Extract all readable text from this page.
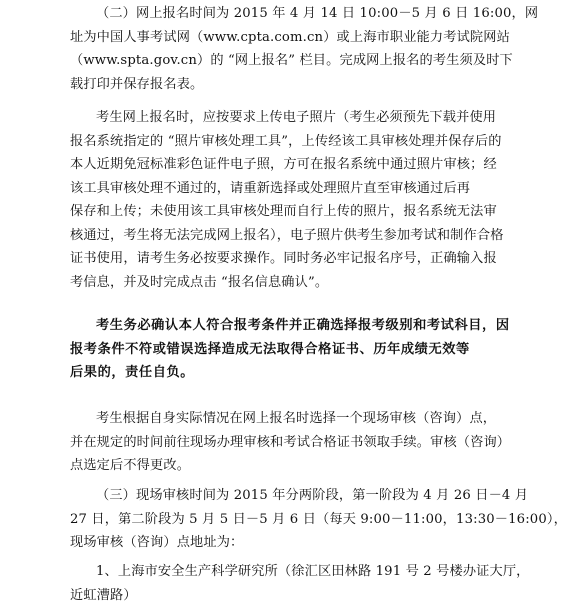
（二）网上报名时间为 2015 年 4 月 14 日 10:00－5 月 6 日 16:00，网
址为中国人事考试网（www.cpta.com.cn）或上海市职业能力考试院网站
（www.spta.gov.cn）的 “网上报名” 栏目。完成网上报名的考生须及时下
载打印并保存报名表。
考生网上报名时，应按要求上传电子照片（考生必须预先下载并使用
报名系统指定的 “照片审核处理工具”，上传经该工具审核处理并保存后的
本人近期免冠标准彩色证件电子照，方可在报名系统中通过照片审核；经
该工具审核处理不通过的，请重新选择或处理照片直至审核通过后再
保存和上传；未使用该工具审核处理而自行上传的照片，报名系统无法审
核通过，考生将无法完成网上报名），电子照片供考生参加考试和制作合格
证书使用，请考生务必按要求操作。同时务必牢记报名序号，正确输入报
考信息，并及时完成点击 “报名信息确认”。
考生务必确认本人符合报考条件并正确选择报考级别和考试科目，因
报考条件不符或错误选择造成无法取得合格证书、历年成绩无效等
后果的，责任自负。
考生根据自身实际情况在网上报名时选择一个现场审核（咨询）点，
并在规定的时间前往现场办理审核和考试合格证书领取手续。审核（咨询）
点选定后不得更改。
（三）现场审核时间为 2015 年分两阶段，第一阶段为 4 月 26 日－4 月
27 日，第二阶段为 5 月 5 日－5 月 6 日（每天 9:00－11:00，13:30－16:00），
现场审核（咨询）点地址为：
1、上海市安全生产科学研究所（徐汇区田林路 191 号 2 号楼办证大厅，
近虹漕路）
